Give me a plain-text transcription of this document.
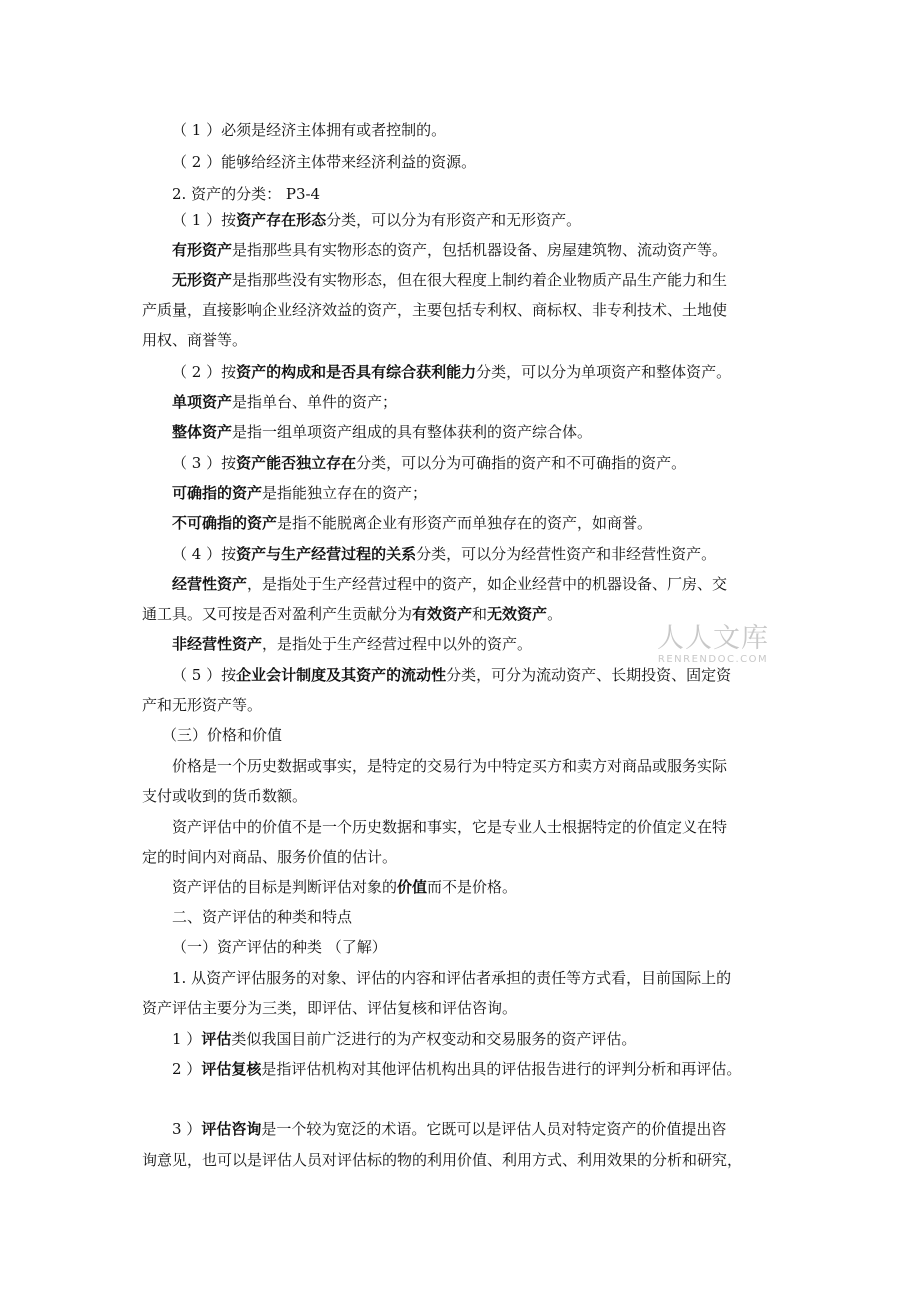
（ 1 ）必须是经济主体拥有或者控制的。
（ 2 ）能够给经济主体带来经济利益的资源。
2. 资产的分类： P3-4
（ 1 ）按资产存在形态分类，可以分为有形资产和无形资产。
有形资产是指那些具有实物形态的资产，包括机器设备、房屋建筑物、流动资产等。
无形资产是指那些没有实物形态，但在很大程度上制约着企业物质产品生产能力和生
产质量，直接影响企业经济效益的资产，主要包括专利权、商标权、非专利技术、土地使
用权、商誉等。
（ 2 ）按资产的构成和是否具有综合获利能力分类，可以分为单项资产和整体资产。
单项资产是指单台、单件的资产；
整体资产是指一组单项资产组成的具有整体获利的资产综合体。
（ 3 ）按资产能否独立存在分类，可以分为可确指的资产和不可确指的资产。
可确指的资产是指能独立存在的资产；
不可确指的资产是指不能脱离企业有形资产而单独存在的资产，如商誉。
（ 4 ）按资产与生产经营过程的关系分类，可以分为经营性资产和非经营性资产。
经营性资产，是指处于生产经营过程中的资产，如企业经营中的机器设备、厂房、交
通工具。又可按是否对盈利产生贡献分为有效资产和无效资产。
非经营性资产，是指处于生产经营过程中以外的资产。
（ 5 ）按企业会计制度及其资产的流动性分类，可分为流动资产、长期投资、固定资
产和无形资产等。
（三）价格和价值
价格是一个历史数据或事实，是特定的交易行为中特定买方和卖方对商品或服务实际
支付或收到的货币数额。
资产评估中的价值不是一个历史数据和事实，它是专业人士根据特定的价值定义在特
定的时间内对商品、服务价值的估计。
资产评估的目标是判断评估对象的价值而不是价格。
二、资产评估的种类和特点
（一）资产评估的种类 （了解）
1. 从资产评估服务的对象、评估的内容和评估者承担的责任等方式看，目前国际上的
资产评估主要分为三类，即评估、评估复核和评估咨询。
1 ）评估类似我国目前广泛进行的为产权变动和交易服务的资产评估。
2 ）评估复核是指评估机构对其他评估机构出具的评估报告进行的评判分析和再评估。
3 ）评估咨询是一个较为宽泛的术语。它既可以是评估人员对特定资产的价值提出咨
询意见，也可以是评估人员对评估标的物的利用价值、利用方式、利用效果的分析和研究，
人人文库
RENRENDOC.COM
